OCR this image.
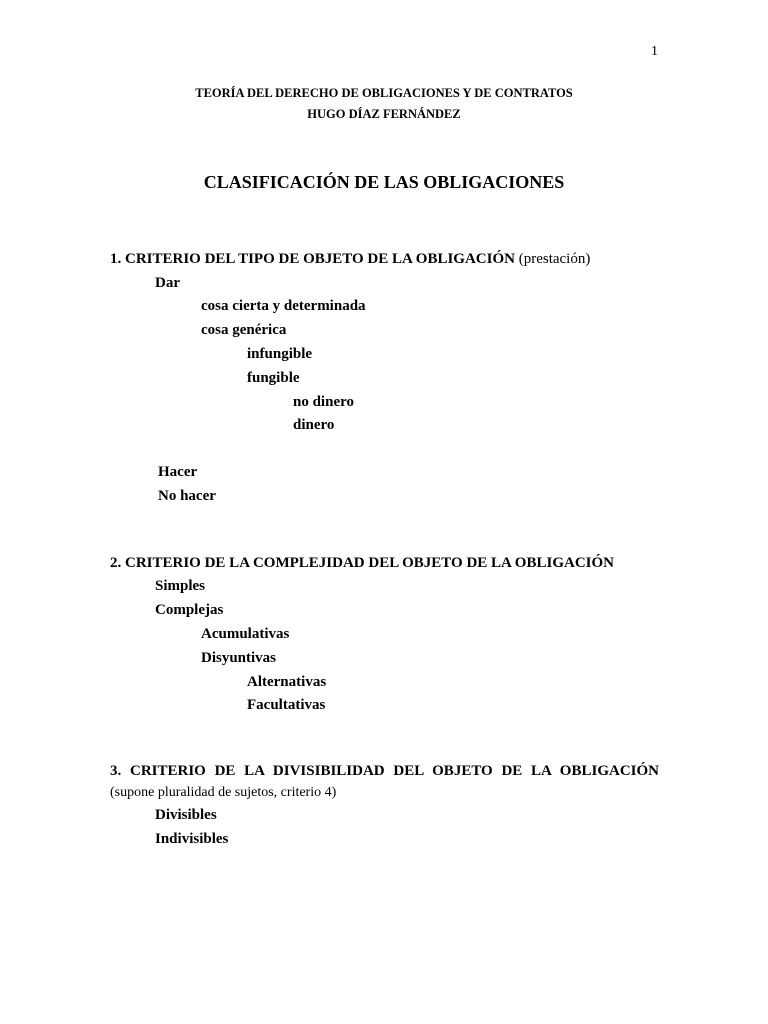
1
TEORÍA DEL DERECHO DE OBLIGACIONES Y DE CONTRATOS
HUGO DÍAZ FERNÁNDEZ
CLASIFICACIÓN DE LAS OBLIGACIONES
1. CRITERIO DEL TIPO DE OBJETO DE LA OBLIGACIÓN (prestación)
Dar
cosa cierta y determinada
cosa genérica
infungible
fungible
no dinero
dinero
Hacer
No hacer
2. CRITERIO DE LA COMPLEJIDAD DEL OBJETO DE LA OBLIGACIÓN
Simples
Complejas
Acumulativas
Disyuntivas
Alternativas
Facultativas
3. CRITERIO DE LA DIVISIBILIDAD DEL OBJETO DE LA OBLIGACIÓN
(supone pluralidad de sujetos, criterio 4)
Divisibles
Indivisibles
